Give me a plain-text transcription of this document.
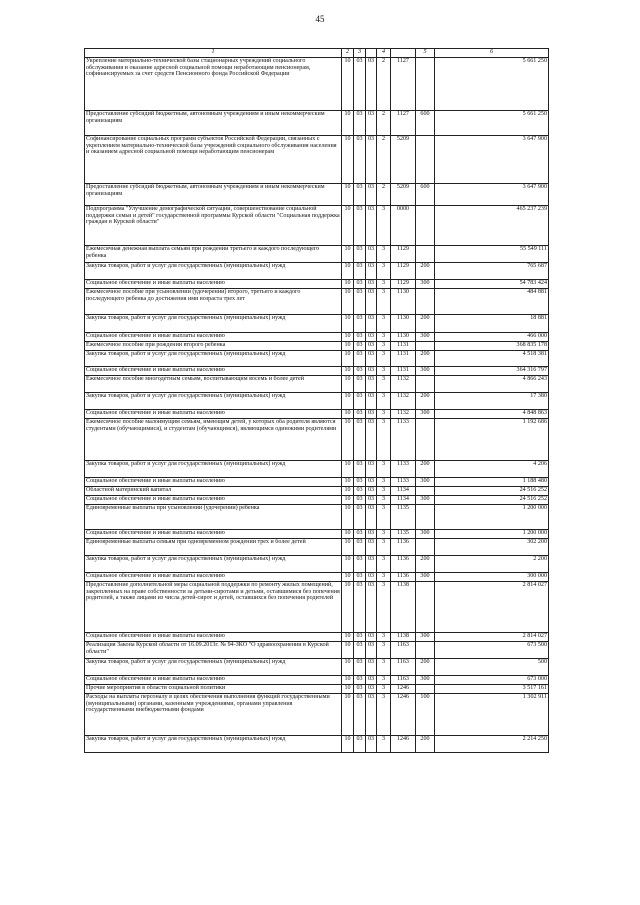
45
1	2	3		4		5	6
Укрепление материально-технической базы стационарных учреждений социального обслуживания и оказание адресной социальной помощи неработающим пенсионерам, софинансируемых за счет средств Пенсионного фонда Российской Федерации	10	03	03	2	1127		5 661 250
Предоставление субсидий бюджетным, автономным учреждениям и иным некоммерческим организациям	10	03	03	2	1127	600	5 661 250
Софинансирование социальных программ субъектов Российской Федерации, связанных с укреплением материально-технической базы учреждений социального обслуживания населения и оказанием адресной социальной помощи неработающим пенсионерам	10	03	03	2	5209		3 647 900
Предоставление субсидий бюджетным, автономным учреждениям и иным некоммерческим организациям	10	03	03	2	5209	600	3 647 900
Подпрограмма "Улучшение демографической ситуации, совершенствование социальной поддержки семьи и детей" государственной программы Курской области "Социальная поддержка граждан в Курской области"	10	03	03	3	0000		465 237 239
Ежемесячная денежная выплата семьям при рождении третьего и каждого последующего ребенка	10	03	03	3	1129		55 549 111
Закупка товаров, работ и услуг для государственных (муниципальных) нужд	10	03	03	3	1129	200	765 687
Социальное обеспечение и иные выплаты населению	10	03	03	3	1129	300	54 783 424
Ежемесячное пособие при усыновлении (удочерении) второго, третьего и каждого последующего ребенка до достижения ими возраста трех лет	10	03	03	3	1130		484 881
Закупка товаров, работ и услуг для государственных (муниципальных) нужд	10	03	03	3	1130	200	18 881
Социальное обеспечение и иные выплаты населению	10	03	03	3	1130	300	466 000
Ежемесячное пособие при рождении второго ребенка	10	03	03	3	1131		368 835 178
Закупка товаров, работ и услуг для государственных (муниципальных) нужд	10	03	03	3	1131	200	4 518 381
Социальное обеспечение и иные выплаты населению	10	03	03	3	1131	300	364 316 797
Ежемесячное пособие многодетным семьям, воспитывающим восемь и более детей	10	03	03	3	1132		4 866 243
Закупка товаров, работ и услуг для государственных (муниципальных) нужд	10	03	03	3	1132	200	17 380
Социальное обеспечение и иные выплаты населению	10	03	03	3	1132	300	4 848 863
Ежемесячное пособие малоимущим семьям, имеющим детей, у которых оба родителя являются студентами (обучающимися), и студентам (обучающимся), являющимся одинокими родителями	10	03	03	3	1133		1 192 686
Закупка товаров, работ и услуг для государственных (муниципальных) нужд	10	03	03	3	1133	200	4 206
Социальное обеспечение и иные выплаты населению	10	03	03	3	1133	300	1 188 480
Областной материнский капитал	10	03	03	3	1134		24 516 252
Социальное обеспечение и иные выплаты населению	10	03	03	3	1134	300	24 516 252
Единовременные выплаты при усыновлении (удочерении) ребенка	10	03	03	3	1135		1 200 000
Социальное обеспечение и иные выплаты населению	10	03	03	3	1135	300	1 200 000
Единовременные выплаты семьям при одновременном рождении трех и более детей	10	03	03	3	1136		302 200
Закупка товаров, работ и услуг для государственных (муниципальных) нужд	10	03	03	3	1136	200	2 200
Социальное обеспечение и иные выплаты населению	10	03	03	3	1136	300	300 000
Предоставление дополнительной меры социальной поддержки по ремонту жилых помещений, закрепленных на праве собственности за детьми-сиротами и детьми, оставшимися без попечения родителей, а также лицами из числа детей-сирот и детей, оставшихся без попечения родителей	10	03	03	3	1138		2 814 027
Социальное обеспечение и иные выплаты населению	10	03	03	3	1138	300	2 814 027
Реализация Закона Курской области от 16.09.2013г. № 94-ЗКО "О здравоохранении в Курской области"	10	03	03	3	1163		673 500
Закупка товаров, работ и услуг для государственных (муниципальных) нужд	10	03	03	3	1163	200	500
Социальное обеспечение и иные выплаты населению	10	03	03	3	1163	300	673 000
Прочие мероприятия в области социальной политики	10	03	03	3	1246		3 517 161
Расходы на выплаты персоналу в целях обеспечения выполнения функций государственными (муниципальными) органами, казенными учреждениями, органами управления государственными внебюджетными фондами	10	03	03	3	1246	100	1 302 911
Закупка товаров, работ и услуг для государственных (муниципальных) нужд	10	03	03	3	1246	200	2 214 250
